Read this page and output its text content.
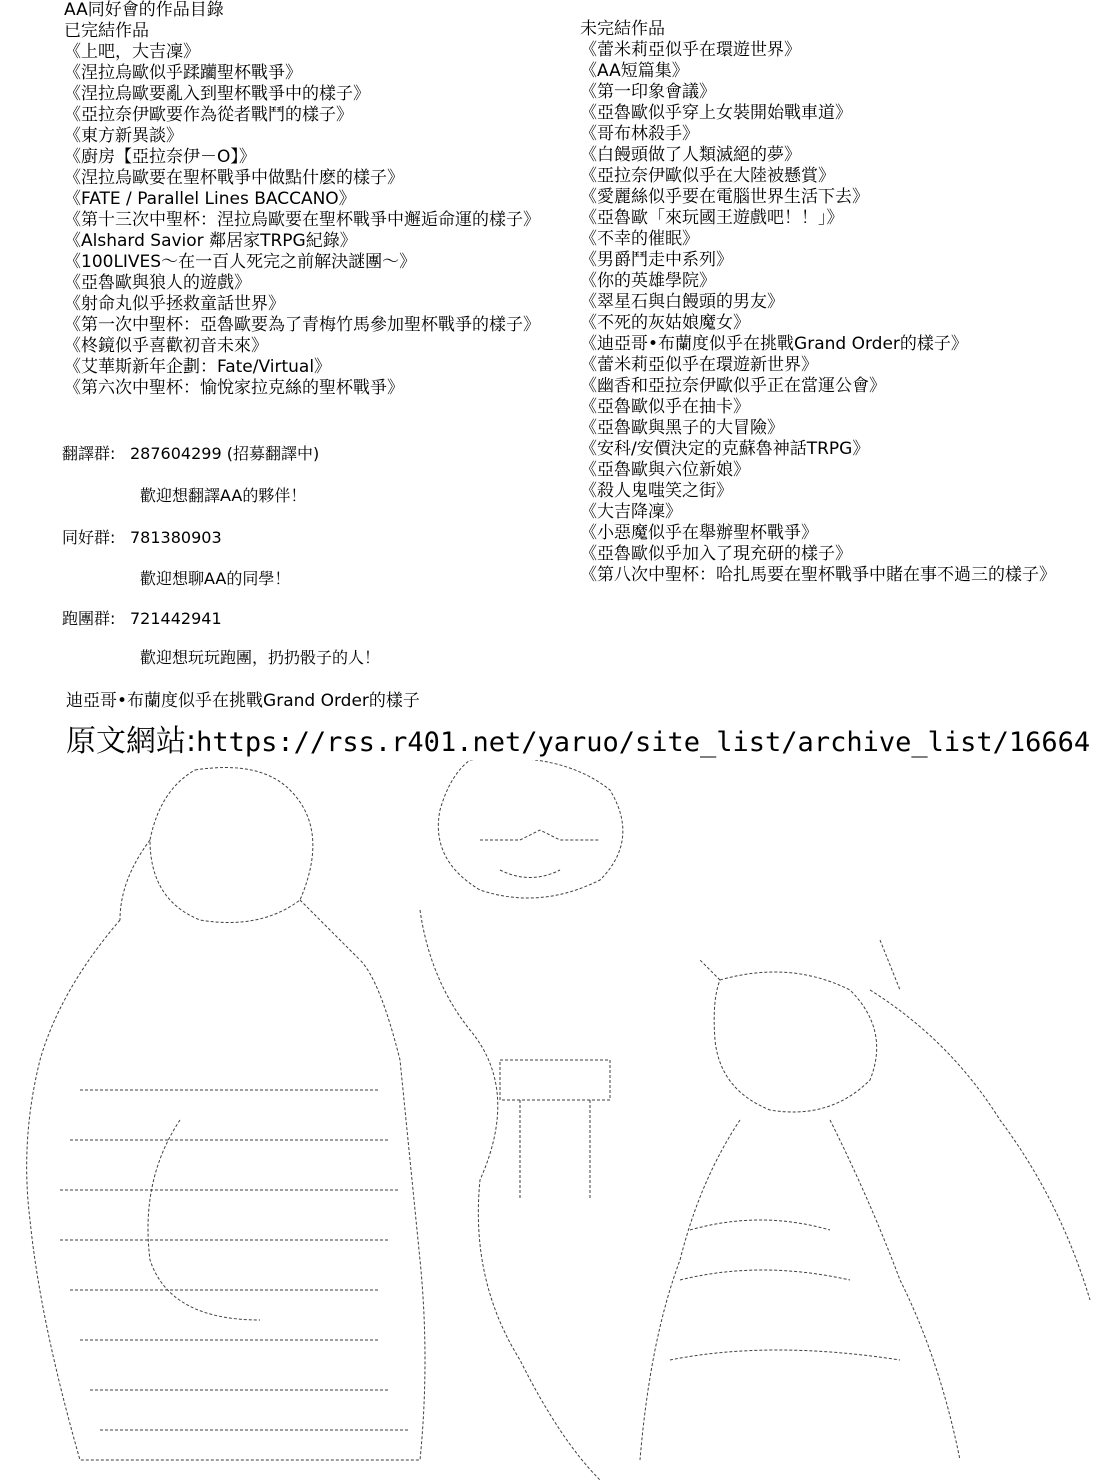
AA同好會的作品目錄
已完結作品
《上吧，大吉凜》
《涅拉烏歐似乎蹂躪聖杯戰爭》
《涅拉烏歐要亂入到聖杯戰爭中的樣子》
《亞拉奈伊歐要作為從者戰鬥的樣子》
《東方新異談》
《廚房【亞拉奈伊－O】》
《涅拉烏歐要在聖杯戰爭中做點什麽的樣子》
《FATE / Parallel Lines BACCANO》
《第十三次中聖杯：涅拉烏歐要在聖杯戰爭中邂逅命運的樣子》
《Alshard Savior 鄰居家TRPG紀錄》
《100LIVES～在一百人死完之前解決謎團～》
《亞魯歐與狼人的遊戲》
《射命丸似乎拯救童話世界》
《第一次中聖杯：亞魯歐要為了青梅竹馬參加聖杯戰爭的樣子》
《柊鏡似乎喜歡初音未來》
《艾華斯新年企劃：Fate/Virtual》
《第六次中聖杯：愉悅家拉克絲的聖杯戰爭》
未完結作品
《蕾米莉亞似乎在環遊世界》
《AA短篇集》
《第一印象會議》
《亞魯歐似乎穿上女裝開始戰車道》
《哥布林殺手》
《白饅頭做了人類滅絕的夢》
《亞拉奈伊歐似乎在大陸被懸賞》
《愛麗絲似乎要在電腦世界生活下去》
《亞魯歐「來玩國王遊戲吧！！」》
《不幸的催眠》
《男爵鬥走中系列》
《你的英雄學院》
《翠星石與白饅頭的男友》
《不死的灰姑娘魔女》
《迪亞哥•布蘭度似乎在挑戰Grand Order的樣子》
《蕾米莉亞似乎在環遊新世界》
《幽香和亞拉奈伊歐似乎正在當運公會》
《亞魯歐似乎在抽卡》
《亞魯歐與黑子的大冒險》
《安科/安價決定的克蘇魯神話TRPG》
《亞魯歐與六位新娘》
《殺人鬼嗤笑之街》
《大吉降凜》
《小惡魔似乎在舉辦聖杯戰爭》
《亞魯歐似乎加入了現充研的樣子》
《第八次中聖杯：哈扎馬要在聖杯戰爭中賭在事不過三的樣子》
翻譯群: 287604299 (招募翻譯中)
歡迎想翻譯AA的夥伴！
同好群: 781380903
歡迎想聊AA的同學！
跑團群: 721442941
歡迎想玩玩跑團，扔扔骰子的人！
迪亞哥•布蘭度似乎在挑戰Grand Order的樣子
原文網站:https://rss.r401.net/yaruo/site_list/archive_list/16664
